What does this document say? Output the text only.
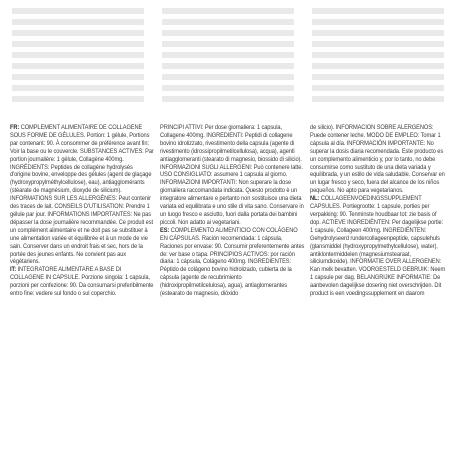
FR: COMPLÉMENT ALIMENTAIRE DE COLLAGÈNE SOUS FORME DE GÉLULES. Portion: 1 gélule, Portions par contenant: 90. À consommer de préférence avant fin: Voir la base ou le couvercle. SUBSTANCES ACTIVES: Par portion journalière: 1 gélule, Collagène 400mg. INGRÉDIENTS: Peptides de collagène hydrolysés d'origine bovine, enveloppe des gélules (agent de glaçage (hydroxypropylméthylcellulose), eau), antiagglomérants (stéarate de magnésium, dioxyde de silicium). INFORMATIONS SUR LES ALLERGÈNES: Peut contenir des traces de lait. CONSEILS D'UTILISATION: Prendre 1 gélule par jour. INFORMATIONS IMPORTANTES: Ne pas dépasser la dose journalière recommandée. Ce produit est un complément alimentaire et ne doit pas se substituer à une alimentation variée et équilibrée et à un mode de vie sain. Conserver dans un endroit frais et sec, hors de la portée des jeunes enfants. Ne convient pas aux végétariens.

IT: INTEGRATORE ALIMENTARE A BASE DI COLLAGENE IN CAPSULE. Porzione singola: 1 capsula, porzioni per confezione: 90. Da consumarsi preferibilmente entro fine: vedere sul fondo o sul coperchio.

PRINCIPI ATTIVI: Per dose giornaliera: 1 capsula, Collagene 400mg. INGREDIENTI: Peptidi di collagene bovino idrolizzato, rivestimento della capsula (agente di rivestimento (idrossipropilmetilcellulosa), acqua), agenti antiagglomeranti (stearato di magnesio, biossido di silicio). INFORMAZIONI SUGLI ALLERGENI: Può contenere latte. USO CONSIGLIATO: assumere 1 capsula al giorno. INFORMAZIONI IMPORTANTI: Non superare la dose giornaliera raccomandata indicata. Questo prodotto è un integratore alimentare e pertanto non sostituisce una dieta variata ed equilibrata e uno stile di vita sano. Conservare in un luogo fresco e asciutto, fuori dalla portata dei bambini piccoli. Non adatto ai vegetariani.

ES: COMPLEMENTO ALIMENTICIO CON COLÁGENO EN CÁPSULAS. Ración recomendada: 1 cápsula, Raciones por envase: 90. Consumir preferentemente antes de: ver base o tapa. PRINCIPIOS ACTIVOS: por ración diaria: 1 cápsula, Colágeno 400mg. INGREDIENTES: Péptido de colágeno bovino hidrolizado, cubierta de la cápsula (agente de recubrimiento (hidroxipropilmetilcelulosa), agua), antiaglomerantes (estearato de magnesio, dióxido

de silicio). INFORMACIÓN SOBRE ALÉRGENOS: Puede contener leche. MODO DE EMPLEO: Tomar 1 cápsula al día. INFORMACIÓN IMPORTANTE: No superar la dosis diaria recomendada. Este producto es un complemento alimenticio y, por lo tanto, no debe consumirse como sustituto de una dieta variada y equilibrada, y un estilo de vida saludable. Conservar en un lugar fresco y seco, fuera del alcance de los niños pequeños. No apto para vegetarianos.

NL: COLLAGEENVOEDINGSSUPPLEMENT CAPSULES. Portiegrootte: 1 capsule, porties per verpakking: 90. Tenminste houdbaar tot: zie basis of dop. ACTIEVE INGREDIËNTEN: Per dagelijkse portie: 1 capsule, Collageen 400mg. INGREDIËNTEN: Gehydrolyseerd rundercollageenpeptide, capsulehuls (glansmiddel (hydroxypropylmethylcellulose), water), antiklontermiddelen (magnesiumstearaat, siliciumdioxide). INFORMATIE OVER ALLERGENEN: Kan melk bevatten. VOORGESTELD GEBRUIK: Neem 1 capsule per dag. BELANGRIJKE INFORMATIE: De aanbevolen dagelijkse dosering niet overschrijden. Dit product is een voedingssupplement en daarom
